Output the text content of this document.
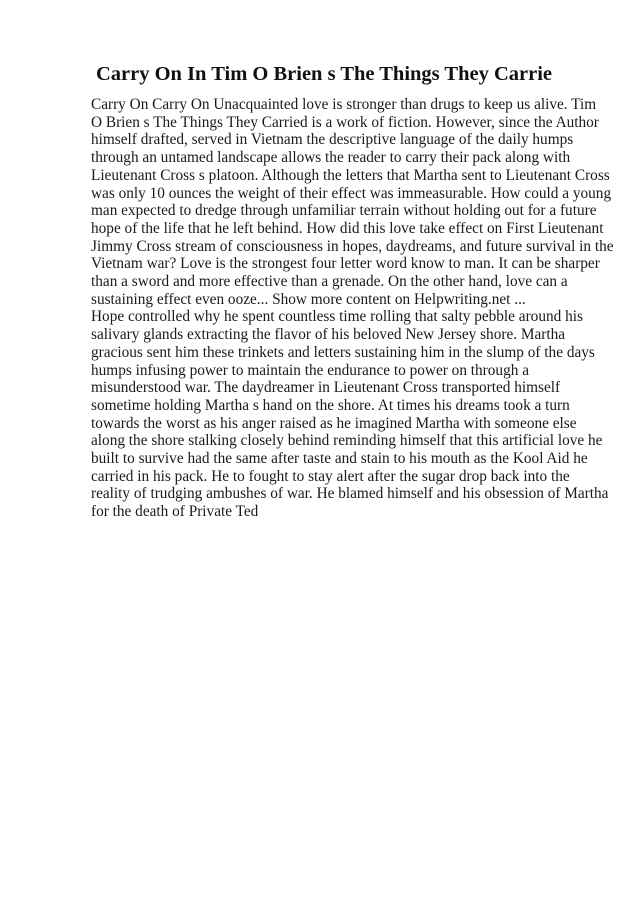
Carry On In Tim O Brien s The Things They Carrie
Carry On Carry On Unacquainted love is stronger than drugs to keep us alive. Tim
O Brien s The Things They Carried is a work of fiction. However, since the Author
himself drafted, served in Vietnam the descriptive language of the daily humps
through an untamed landscape allows the reader to carry their pack along with
Lieutenant Cross s platoon. Although the letters that Martha sent to Lieutenant Cross
was only 10 ounces the weight of their effect was immeasurable. How could a young
man expected to dredge through unfamiliar terrain without holding out for a future
hope of the life that he left behind. How did this love take effect on First Lieutenant
Jimmy Cross stream of consciousness in hopes, daydreams, and future survival in the
Vietnam war? Love is the strongest four letter word know to man. It can be sharper
than a sword and more effective than a grenade. On the other hand, love can a
sustaining effect even ooze... Show more content on Helpwriting.net ...
Hope controlled why he spent countless time rolling that salty pebble around his
salivary glands extracting the flavor of his beloved New Jersey shore. Martha
gracious sent him these trinkets and letters sustaining him in the slump of the days
humps infusing power to maintain the endurance to power on through a
misunderstood war. The daydreamer in Lieutenant Cross transported himself
sometime holding Martha s hand on the shore. At times his dreams took a turn
towards the worst as his anger raised as he imagined Martha with someone else
along the shore stalking closely behind reminding himself that this artificial love he
built to survive had the same after taste and stain to his mouth as the Kool Aid he
carried in his pack. He to fought to stay alert after the sugar drop back into the
reality of trudging ambushes of war. He blamed himself and his obsession of Martha
for the death of Private Ted
